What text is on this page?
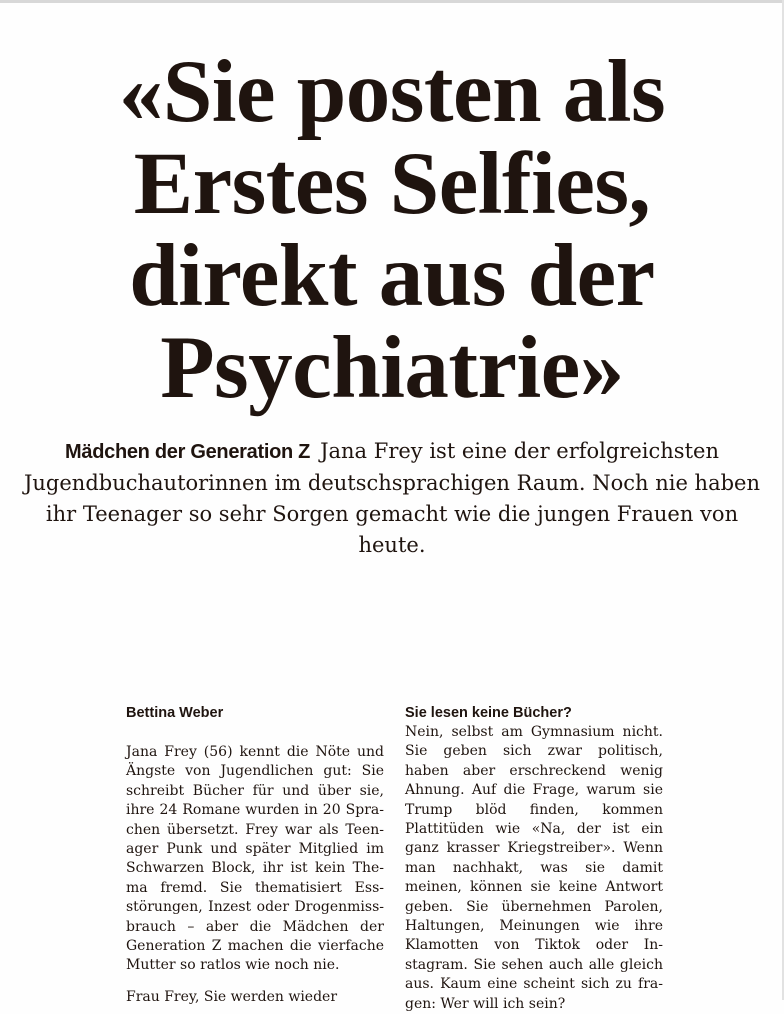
«Sie posten als Erstes Selfies, direkt aus der Psychiatrie»

Mädchen der Generation Z Jana Frey ist eine der erfolgreichsten Jugendbuchautorinnen im deutschsprachigen Raum. Noch nie haben ihr Teenager so sehr Sorgen gemacht wie die jungen Frauen von heute.

Bettina Weber

Jana Frey (56) kennt die Nöte und Ängste von Jugendlichen gut: Sie schreibt Bücher für und über sie, ihre 24 Romane wurden in 20 Sprachen übersetzt. Frey war als Teenager Punk und später Mitglied im Schwarzen Block, ihr ist kein Thema fremd. Sie thematisiert Essstörungen, Inzest oder Drogenmissbrauch – aber die Mädchen der Generation Z machen die vierfache Mutter so ratlos wie noch nie.

Frau Frey, Sie werden wieder

Sie lesen keine Bücher?

Nein, selbst am Gymnasium nicht. Sie geben sich zwar politisch, haben aber erschreckend wenig Ahnung. Auf die Frage, warum sie Trump blöd finden, kommen Plattitüden wie «Na, der ist ein ganz krasser Kriegstreiber». Wenn man nachhakt, was sie damit meinen, können sie keine Antwort geben. Sie übernehmen Parolen, Haltungen, Meinungen wie ihre Klamotten von Tiktok oder Instagram. Sie sehen auch alle gleich aus. Kaum eine scheint sich zu fragen: Wer will ich sein?
